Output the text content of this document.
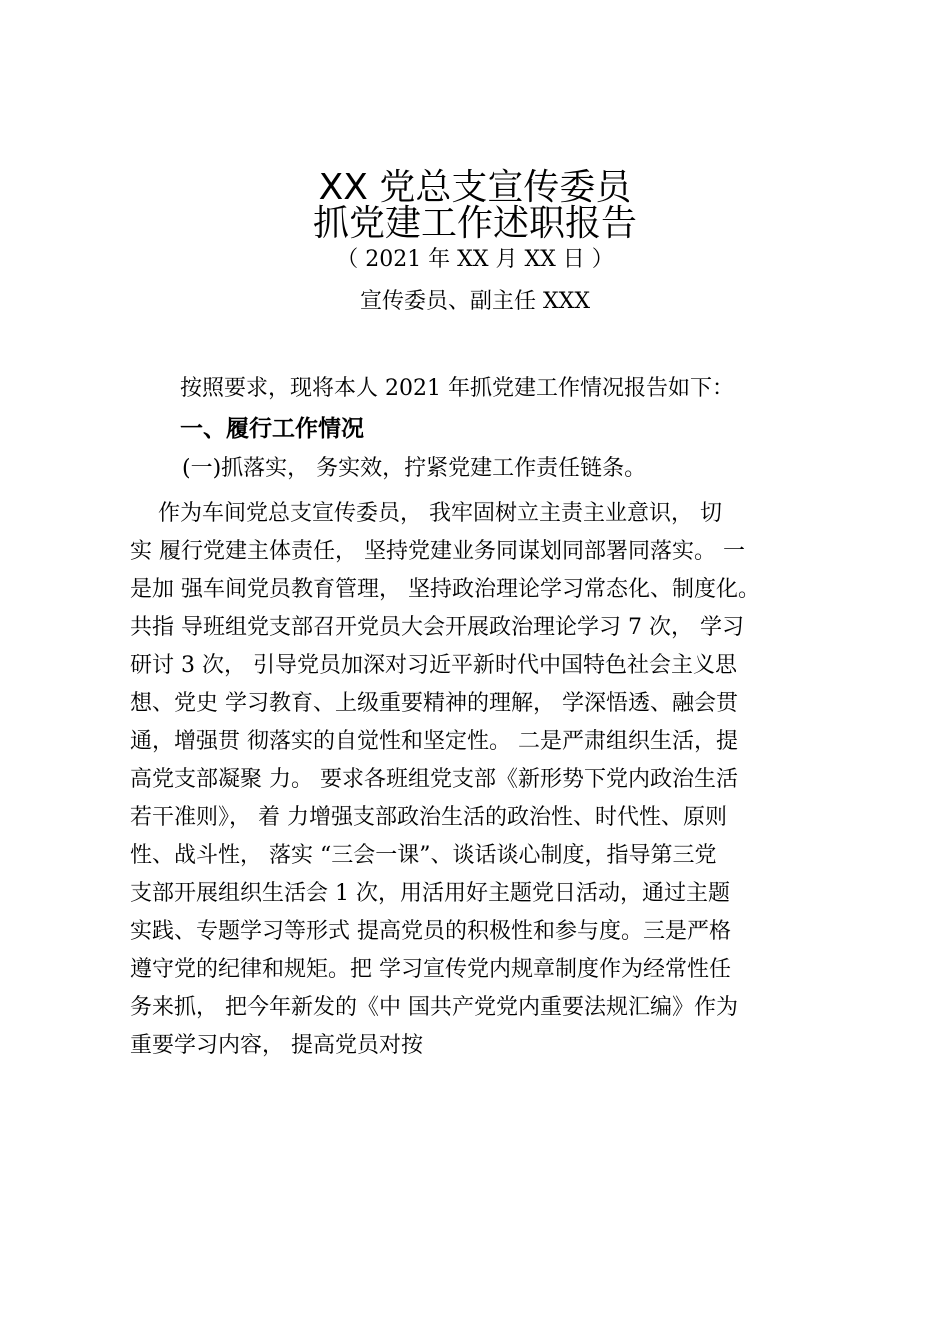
XX 党总支宣传委员
抓党建工作述职报告
（ 2021 年 XX 月 XX 日 ）
宣传委员、副主任 XXX
按照要求，现将本人 2021 年抓党建工作情况报告如下：
一、履行工作情况
(一)抓落实， 务实效，拧紧党建工作责任链条。
作为车间党总支宣传委员， 我牢固树立主责主业意识， 切
实 履行党建主体责任， 坚持党建业务同谋划同部署同落实。 一
是加 强车间党员教育管理， 坚持政治理论学习常态化、制度化。
共指 导班组党支部召开党员大会开展政治理论学习 7 次， 学习
研讨 3 次， 引导党员加深对习近平新时代中国特色社会主义思
想、党史 学习教育、上级重要精神的理解， 学深悟透、融会贯
通，增强贯 彻落实的自觉性和坚定性。 二是严肃组织生活，提
高党支部凝聚 力。 要求各班组党支部《新形势下党内政治生活
若干准则》， 着 力增强支部政治生活的政治性、时代性、原则
性、战斗性， 落实 “三会一课”、谈话谈心制度，指导第三党
支部开展组织生活会 1 次，用活用好主题党日活动，通过主题
实践、专题学习等形式 提高党员的积极性和参与度。三是严格
遵守党的纪律和规矩。把 学习宣传党内规章制度作为经常性任
务来抓， 把今年新发的《中 国共产党党内重要法规汇编》作为
重要学习内容， 提高党员对按
